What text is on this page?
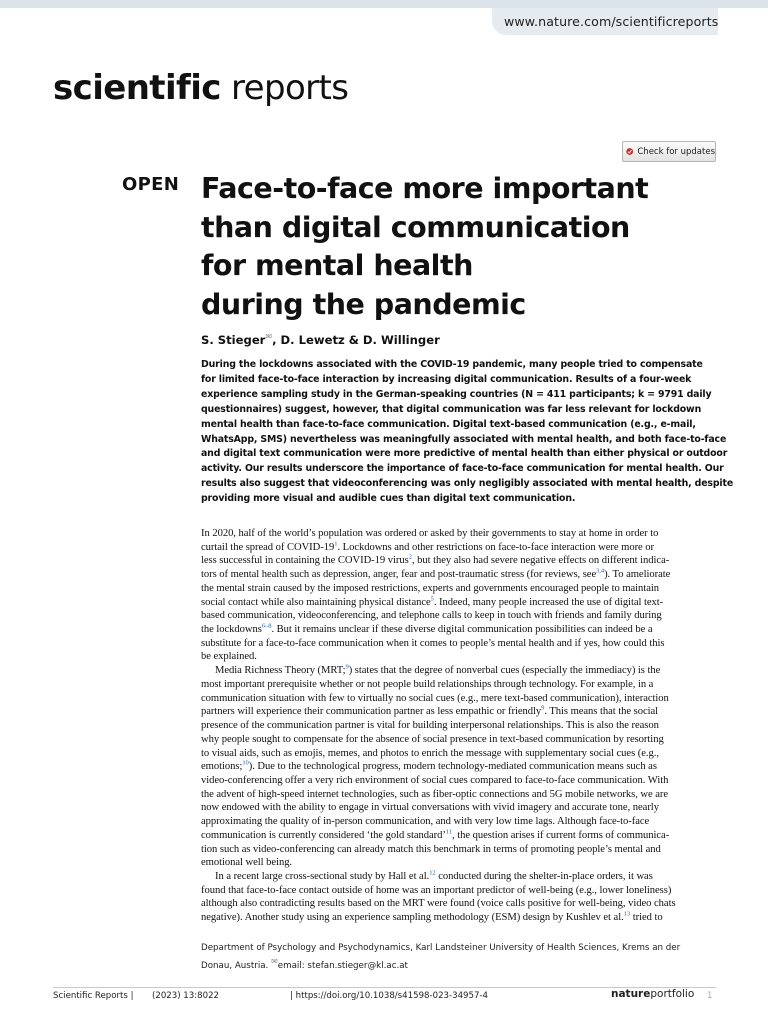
www.nature.com/scientificreports
scientific reports
Check for updates
OPEN Face-to-face more important
than digital communication
for mental health
during the pandemic
S. Stieger✉, D. Lewetz & D. Willinger
During the lockdowns associated with the COVID-19 pandemic, many people tried to compensate
for limited face-to-face interaction by increasing digital communication. Results of a four-week
experience sampling study in the German-speaking countries (N = 411 participants; k = 9791 daily
questionnaires) suggest, however, that digital communication was far less relevant for lockdown
mental health than face-to-face communication. Digital text-based communication (e.g., e-mail,
WhatsApp, SMS) nevertheless was meaningfully associated with mental health, and both face-to-face
and digital text communication were more predictive of mental health than either physical or outdoor
activity. Our results underscore the importance of face-to-face communication for mental health. Our
results also suggest that videoconferencing was only negligibly associated with mental health, despite
providing more visual and audible cues than digital text communication.
In 2020, half of the world’s population was ordered or asked by their governments to stay at home in order to
curtail the spread of COVID-$19^1$. Lockdowns and other restrictions on face-to-face interaction were more or
less successful in containing the COVID-19 virus$^2$, but they also had severe negative effects on different indica-
tors of mental health such as depression, anger, fear and post-traumatic stress (for reviews, see$^{3,4}$). To ameliorate
the mental strain caused by the imposed restrictions, experts and governments encouraged people to maintain
social contact while also maintaining physical distance$^5$. Indeed, many people increased the use of digital text-
based communication, videoconferencing, and telephone calls to keep in touch with friends and family during
the lockdowns$^{6-8}$. But it remains unclear if these diverse digital communication possibilities can indeed be a
substitute for a face-to-face communication when it comes to people’s mental health and if yes, how could this
be explained.
Media Richness Theory (MRT;$^9$) states that the degree of nonverbal cues (especially the immediacy) is the
most important prerequisite whether or not people build relationships through technology. For example, in a
communication situation with few to virtually no social cues (e.g., mere text-based communication), interaction
partners will experience their communication partner as less empathic or friendly$^9$. This means that the social
presence of the communication partner is vital for building interpersonal relationships. This is also the reason
why people sought to compensate for the absence of social presence in text-based communication by resorting
to visual aids, such as emojis, memes, and photos to enrich the message with supplementary social cues (e.g.,
emotions;$^{10}$). Due to the technological progress, modern technology-mediated communication means such as
video-conferencing offer a very rich environment of social cues compared to face-to-face communication. With
the advent of high-speed internet technologies, such as fiber-optic connections and 5G mobile networks, we are
now endowed with the ability to engage in virtual conversations with vivid imagery and accurate tone, nearly
approximating the quality of in-person communication, and with very low time lags. Although face-to-face
communication is currently considered ‘the gold standard’$^{11}$, the question arises if current forms of communica-
tion such as video-conferencing can already match this benchmark in terms of promoting people’s mental and
emotional well being.
In a recent large cross-sectional study by Hall et al.$^{12}$ conducted during the shelter-in-place orders, it was
found that face-to-face contact outside of home was an important predictor of well-being (e.g., lower loneliness)
although also contradicting results based on the MRT were found (voice calls positive for well-being, video chats
negative). Another study using an experience sampling methodology (ESM) design by Kushlev et al.$^{13}$ tried to
Department of Psychology and Psychodynamics, Karl Landsteiner University of Health Sciences, Krems an der
Donau, Austria. ✉email: stefan.stieger@kl.ac.at
Scientific Reports | (2023) 13:8022	| https://doi.org/10.1038/s41598-023-34957-4	natureportfolio 1
